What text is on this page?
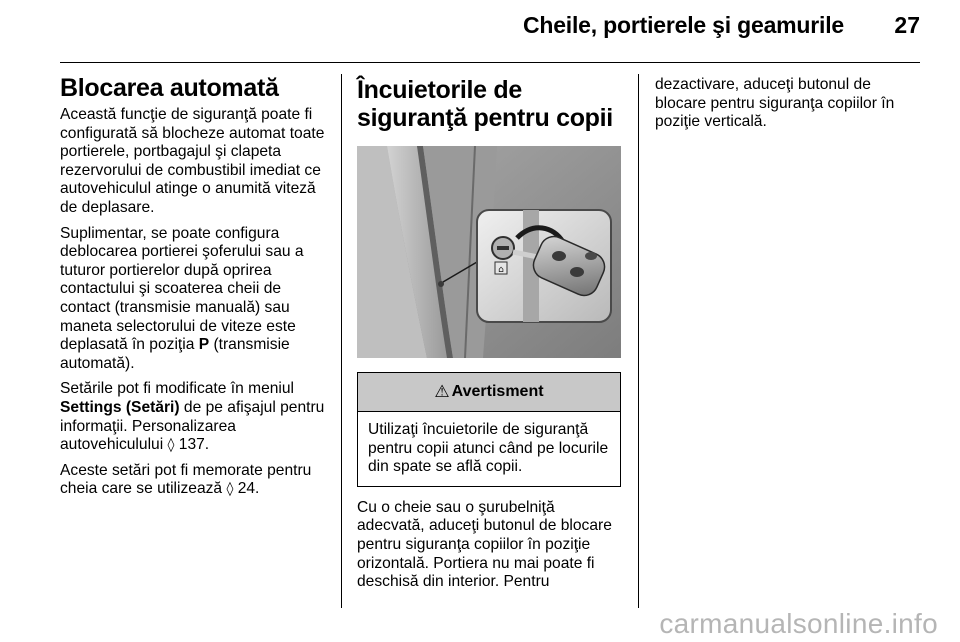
Cheile, portierele şi geamurile 27
Blocarea automată

Această funcţie de siguranţă poate fi configurată să blocheze automat toate portierele, portbagajul şi clapeta rezervorului de combustibil imediat ce autovehiculul atinge o anumită viteză de deplasare.

Suplimentar, se poate configura deblocarea portierei şoferului sau a tuturor portierelor după oprirea contactului şi scoaterea cheii de contact (transmisie manuală) sau maneta selectorului de viteze este deplasată în poziţia P (transmisie automată).

Setările pot fi modificate în meniul Settings (Setări) de pe afişajul pentru informaţii. Personalizarea autovehiculului ◊ 137.

Aceste setări pot fi memorate pentru cheia care se utilizează ◊ 24.

Încuietorile de siguranţă pentru copii
⌂
⚠ Avertisment
Utilizaţi încuietorile de siguranţă pentru copii atunci când pe locurile din spate se află copii.

Cu o cheie sau o şurubelniţă adecvată, aduceţi butonul de blocare pentru siguranţa copiilor în poziţie orizontală. Portiera nu mai poate fi deschisă din interior. Pentru

dezactivare, aduceţi butonul de blocare pentru siguranţa copiilor în poziţie verticală.

carmanualsonline.info
